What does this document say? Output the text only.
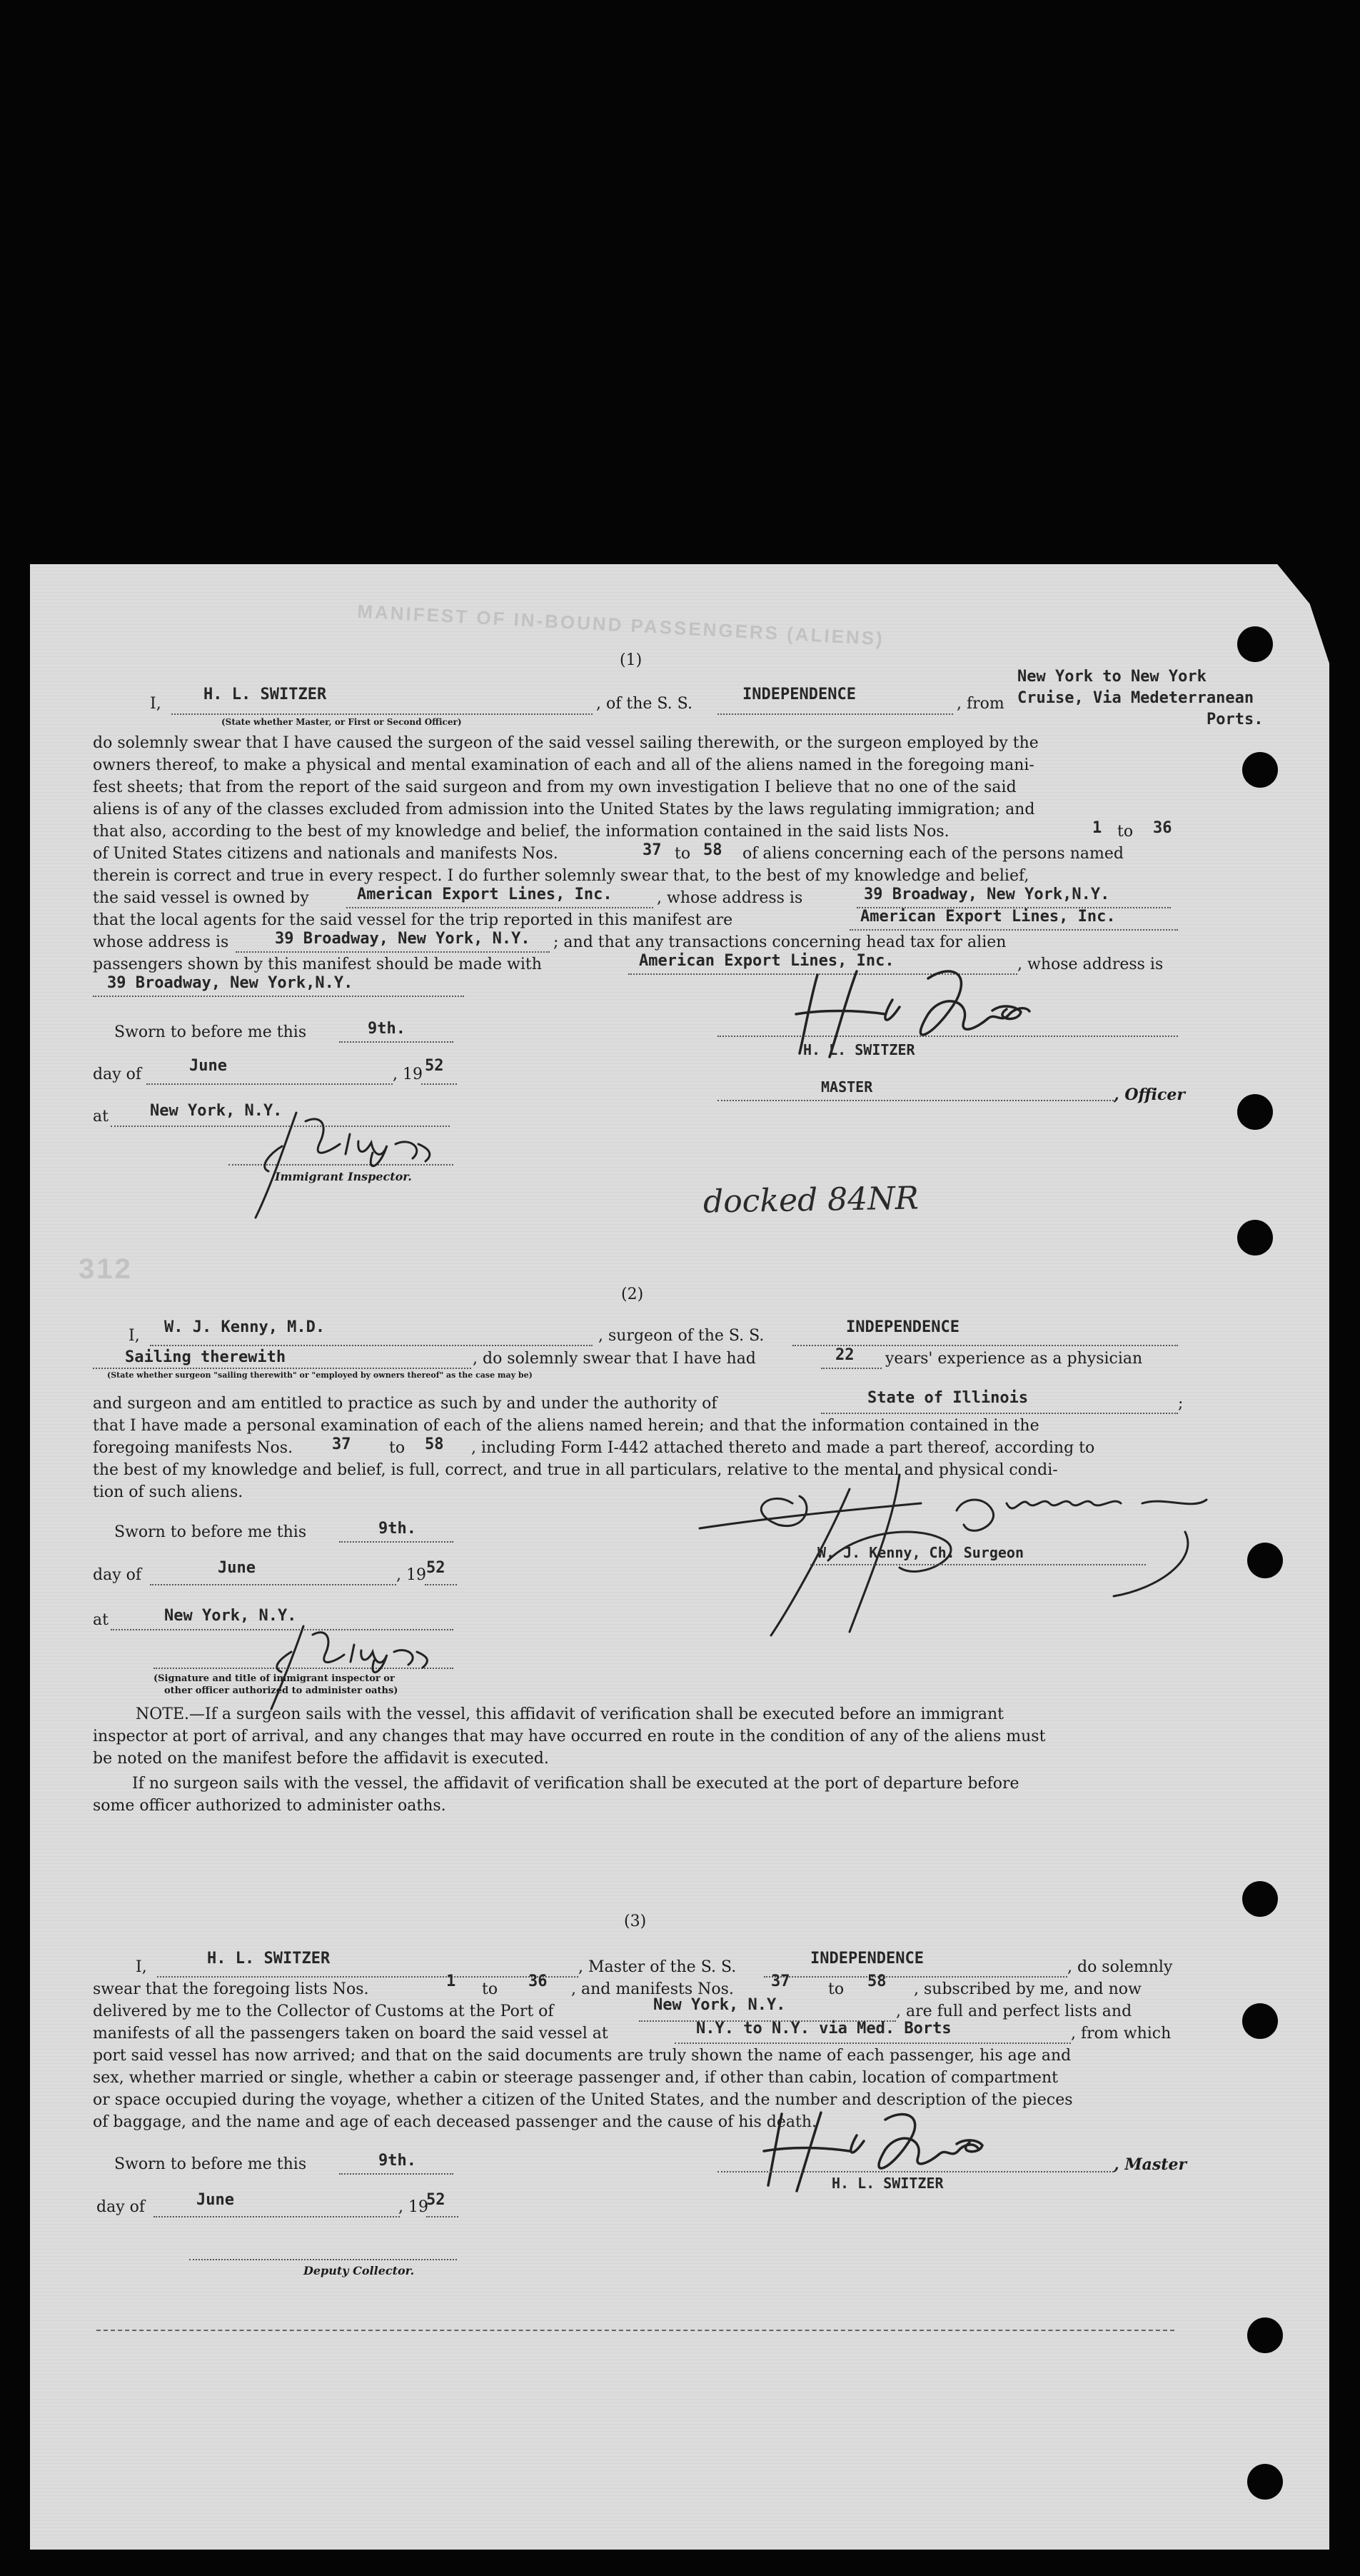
MANIFEST OF IN-BOUND PASSENGERS (ALIENS)
312
(1)
I,
H. L. SWITZER
(State whether Master, or First or Second Officer)
, of the S. S.
INDEPENDENCE
, from
New York to New York
Cruise, Via Medeterranean
Ports.
do solemnly swear that I have caused the surgeon of the said vessel sailing therewith, or the surgeon employed by the
owners thereof, to make a physical and mental examination of each and all of the aliens named in the foregoing mani-
fest sheets; that from the report of the said surgeon and from my own investigation I believe that no one of the said
aliens is of any of the classes excluded from admission into the United States by the laws regulating immigration; and
that also, according to the best of my knowledge and belief, the information contained in the said lists Nos.	1 to 36
of United States citizens and nationals and manifests Nos.	37 to 58 of aliens concerning each of the persons named
therein is correct and true in every respect. I do further solemnly swear that, to the best of my knowledge and belief,
the said vessel is owned by	American Export Lines, Inc.	, whose address is	39 Broadway, New York,N.Y.
that the local agents for the said vessel for the trip reported in this manifest are	American Export Lines, Inc.
whose address is	39 Broadway, New York, N.Y. ; and that any transactions concerning head tax for alien
passengers shown by this manifest should be made with	American Export Lines, Inc.	, whose address is
39 Broadway, New York,N.Y.
Sworn to before me this	9th.
day of	June	, 19 52
at	New York, N.Y.
Immigrant Inspector.
H. L. SWITZER
MASTER	, Officer
docked 84NR
(2)
I, W. J. Kenny, M.D.	, surgeon of the S. S.	INDEPENDENCE
Sailing therewith
(State whether surgeon "sailing therewith" or "employed by owners thereof" as the case may be)
, do solemnly swear that I have had	22 years' experience as a physician
and surgeon and am entitled to practice as such by and under the authority of	State of Illinois	;
that I have made a personal examination of each of the aliens named herein; and that the information contained in the
foregoing manifests Nos. 37 to 58 , including Form I-442 attached thereto and made a part thereof, according to
the best of my knowledge and belief, is full, correct, and true in all particulars, relative to the mental and physical condi-
tion of such aliens.
Sworn to before me this	9th.
day of	June	, 19 52
at	New York, N.Y.
(Signature and title of immigrant inspector or
other officer authorized to administer oaths)
W. J. Kenny, Ch. Surgeon
NOTE.—If a surgeon sails with the vessel, this affidavit of verification shall be executed before an immigrant
inspector at port of arrival, and any changes that may have occurred en route in the condition of any of the aliens must
be noted on the manifest before the affidavit is executed.
If no surgeon sails with the vessel, the affidavit of verification shall be executed at the port of departure before
some officer authorized to administer oaths.
(3)
I,	H. L. SWITZER	, Master of the S. S.	INDEPENDENCE	, do solemnly
swear that the foregoing lists Nos.	1 to 36 , and manifests Nos. 37 to 58 , subscribed by me, and now
delivered by me to the Collector of Customs at the Port of	New York, N.Y.	, are full and perfect lists and
manifests of all the passengers taken on board the said vessel at	N.Y. to N.Y. via Med. Borts	, from which
port said vessel has now arrived; and that on the said documents are truly shown the name of each passenger, his age and
sex, whether married or single, whether a cabin or steerage passenger and, if other than cabin, location of compartment
or space occupied during the voyage, whether a citizen of the United States, and the number and description of the pieces
of baggage, and the name and age of each deceased passenger and the cause of his death.
Sworn to before me this	9th.
day of	June	, 19
52
Deputy Collector.
H. L. SWITZER
, Master
